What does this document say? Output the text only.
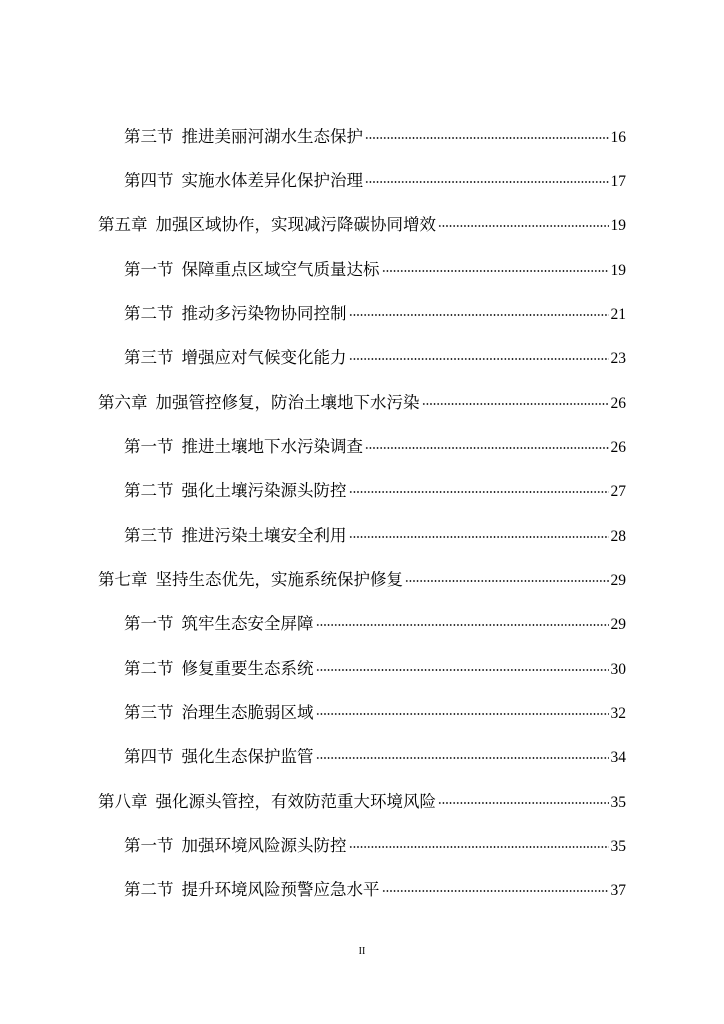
第三节 推进美丽河湖水生态保护	16
第四节 实施水体差异化保护治理	17
第五章 加强区域协作，实现减污降碳协同增效	19
第一节 保障重点区域空气质量达标	19
第二节 推动多污染物协同控制	21
第三节 增强应对气候变化能力	23
第六章 加强管控修复，防治土壤地下水污染	26
第一节 推进土壤地下水污染调查	26
第二节 强化土壤污染源头防控	27
第三节 推进污染土壤安全利用	28
第七章 坚持生态优先，实施系统保护修复	29
第一节 筑牢生态安全屏障	29
第二节 修复重要生态系统	30
第三节 治理生态脆弱区域	32
第四节 强化生态保护监管	34
第八章 强化源头管控，有效防范重大环境风险	35
第一节 加强环境风险源头防控	35
第二节 提升环境风险预警应急水平	37
II
